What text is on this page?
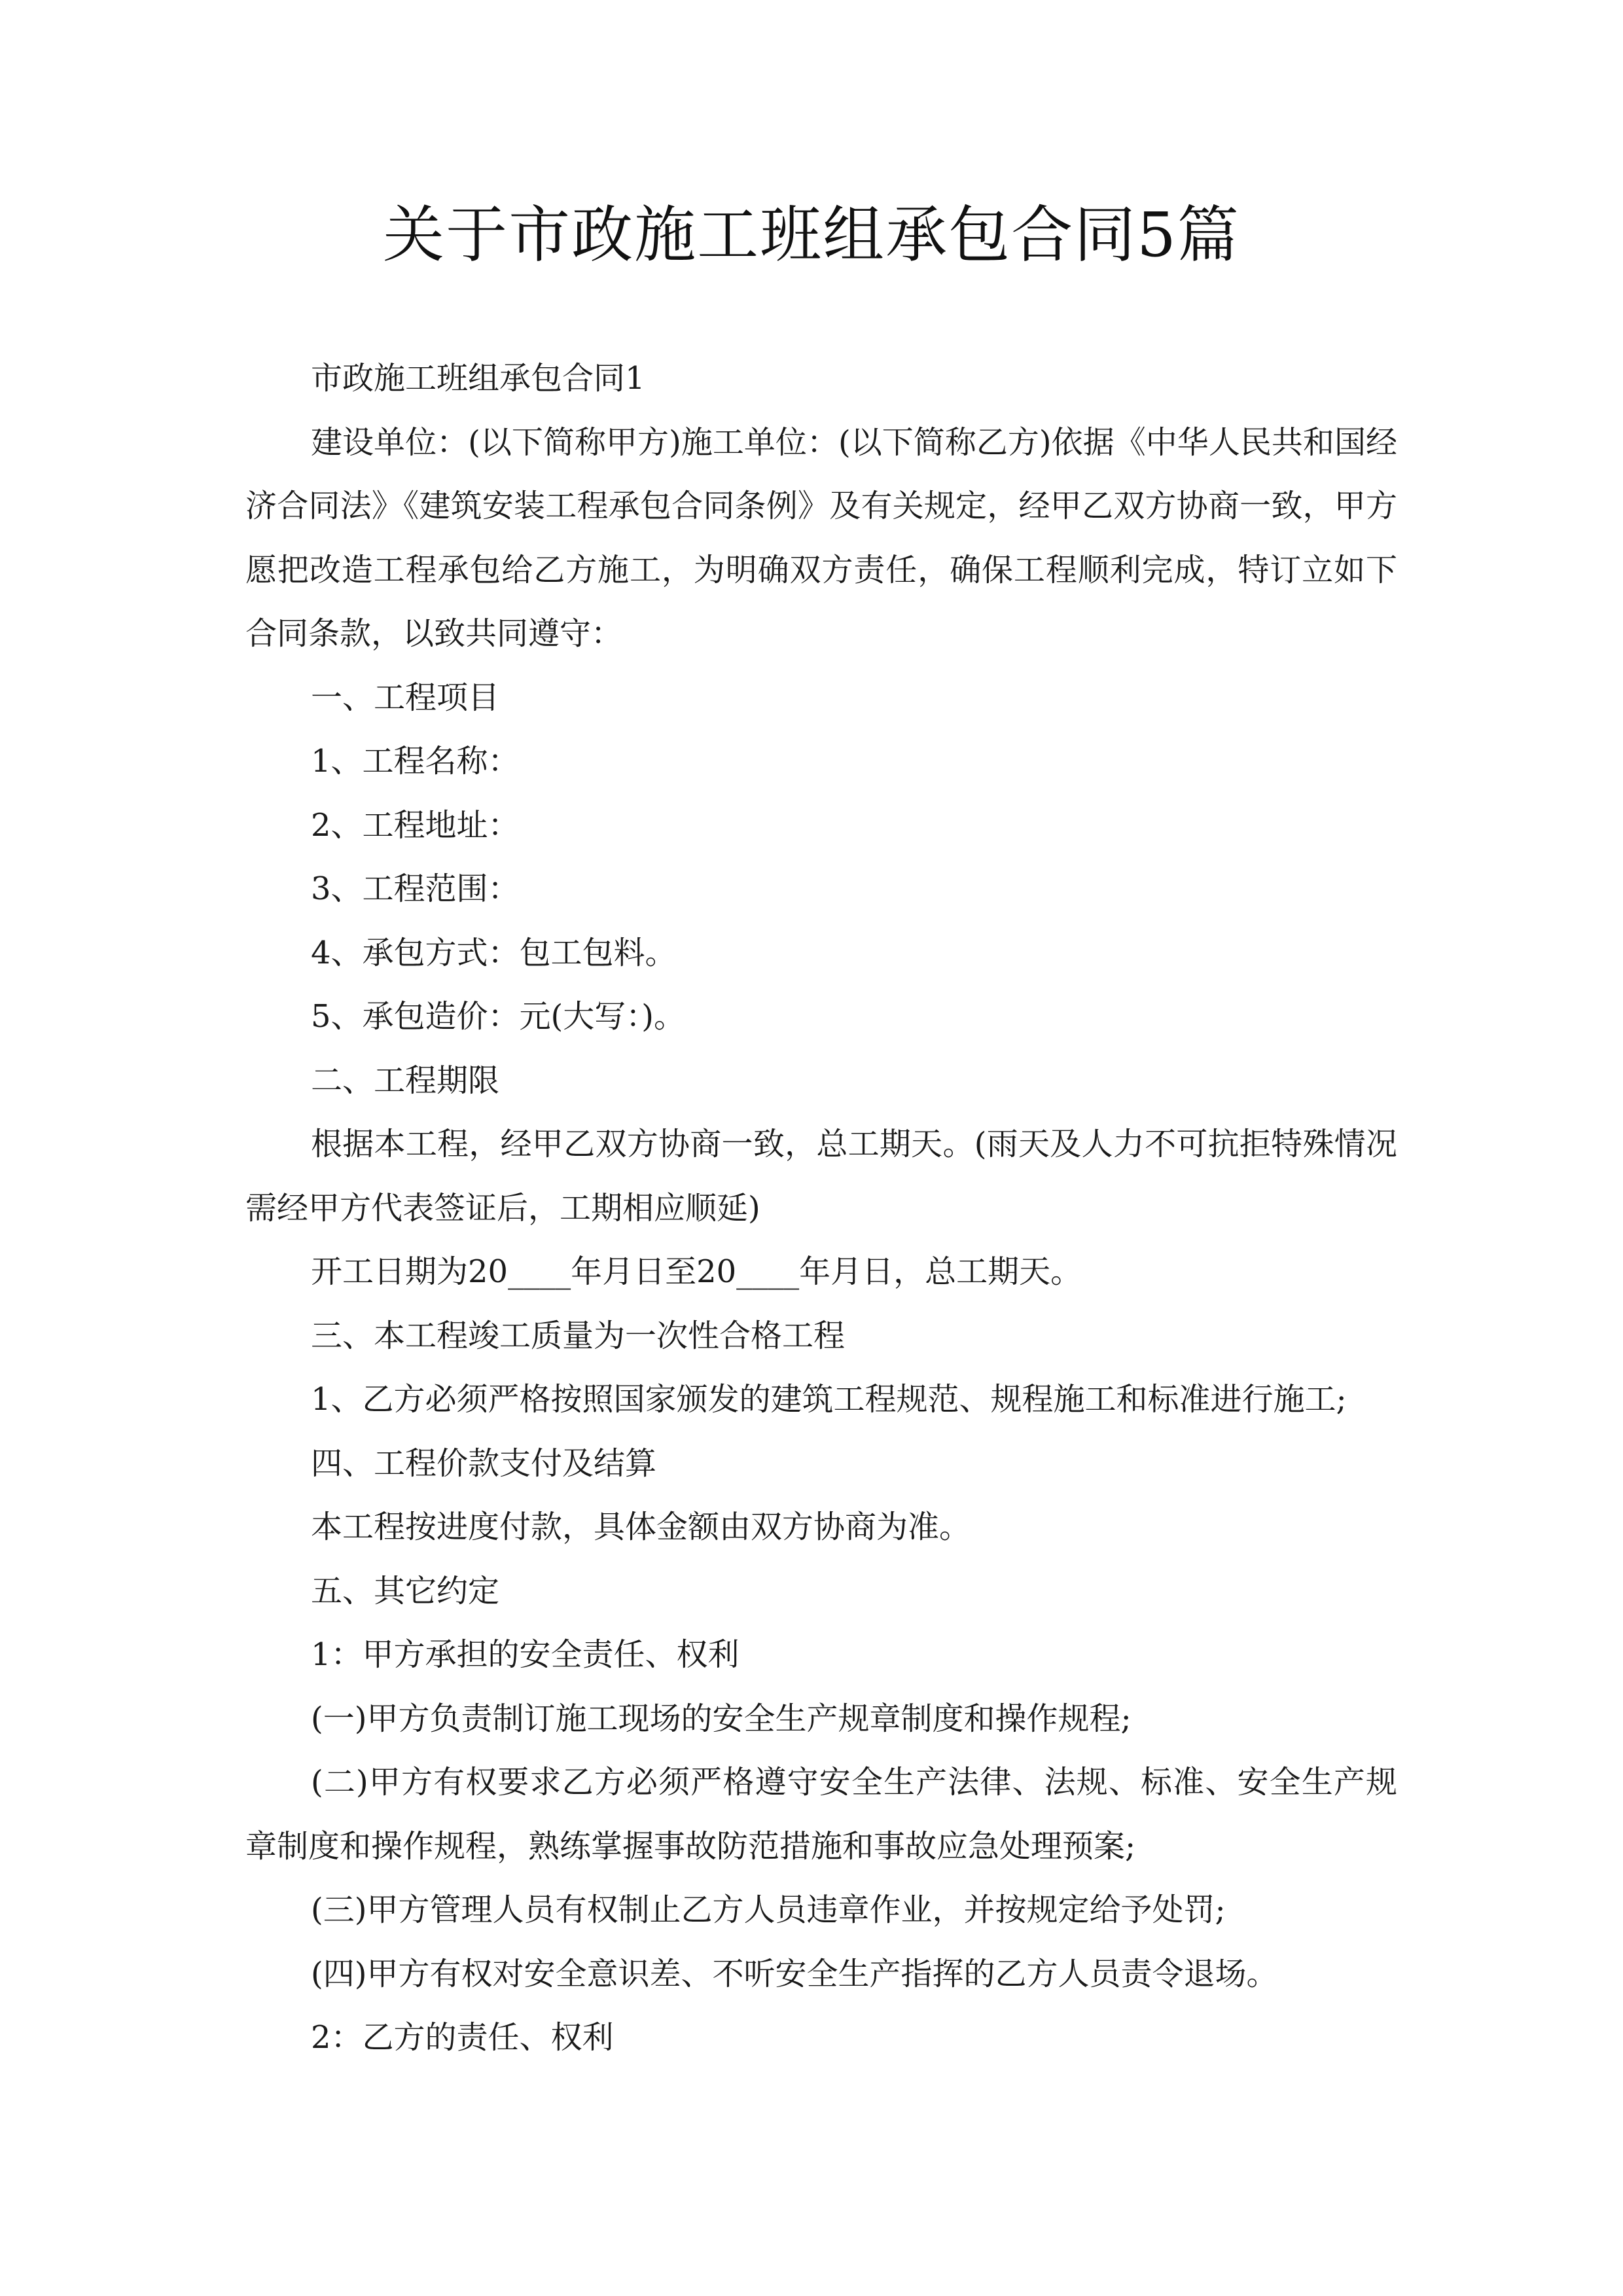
关于市政施工班组承包合同5篇

市政施工班组承包合同1

建设单位：(以下简称甲方)施工单位：(以下简称乙方)依据《中华人民共和国经济合同法》《建筑安装工程承包合同条例》及有关规定，经甲乙双方协商一致，甲方愿把改造工程承包给乙方施工，为明确双方责任，确保工程顺利完成，特订立如下合同条款，以致共同遵守：

一、工程项目

1、工程名称：

2、工程地址：

3、工程范围：

4、承包方式：包工包料。

5、承包造价：元(大写：)。

二、工程期限

根据本工程，经甲乙双方协商一致，总工期天。(雨天及人力不可抗拒特殊情况需经甲方代表签证后，工期相应顺延)

开工日期为20____年月日至20____年月日，总工期天。

三、本工程竣工质量为一次性合格工程

1、乙方必须严格按照国家颁发的建筑工程规范、规程施工和标准进行施工;

四、工程价款支付及结算

本工程按进度付款，具体金额由双方协商为准。

五、其它约定

1：甲方承担的安全责任、权利

(一)甲方负责制订施工现场的安全生产规章制度和操作规程;

(二)甲方有权要求乙方必须严格遵守安全生产法律、法规、标准、安全生产规章制度和操作规程，熟练掌握事故防范措施和事故应急处理预案;

(三)甲方管理人员有权制止乙方人员违章作业，并按规定给予处罚;

(四)甲方有权对安全意识差、不听安全生产指挥的乙方人员责令退场。

2：乙方的责任、权利
